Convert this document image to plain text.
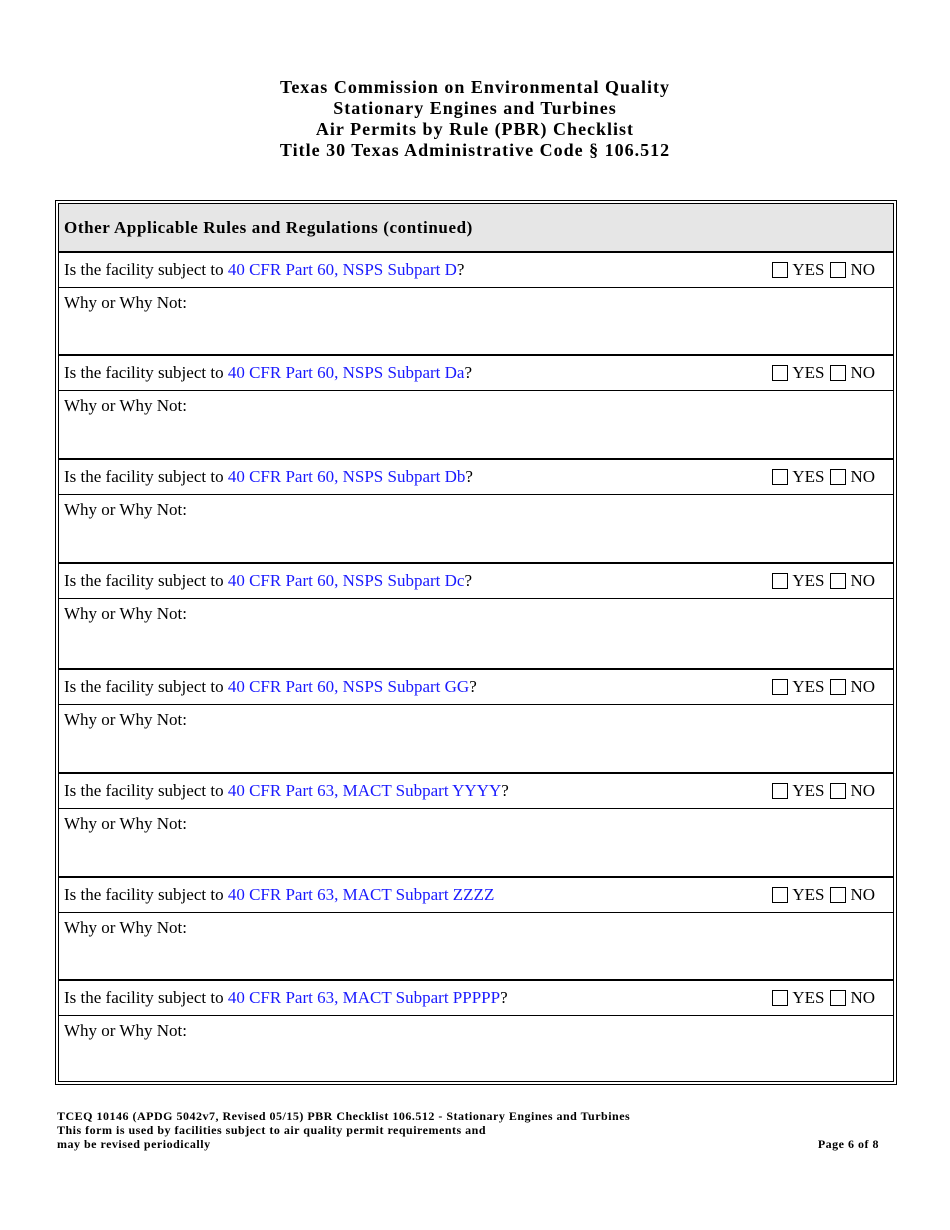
Texas Commission on Environmental Quality
Stationary Engines and Turbines
Air Permits by Rule (PBR) Checklist
Title 30 Texas Administrative Code § 106.512
Other Applicable Rules and Regulations (continued)
Is the facility subject to 40 CFR Part 60, NSPS Subpart D?	YES NO
Why or Why Not:
Is the facility subject to 40 CFR Part 60, NSPS Subpart Da?	YES NO
Why or Why Not:
Is the facility subject to 40 CFR Part 60, NSPS Subpart Db?	YES NO
Why or Why Not:
Is the facility subject to 40 CFR Part 60, NSPS Subpart Dc?	YES NO
Why or Why Not:
Is the facility subject to 40 CFR Part 60, NSPS Subpart GG?	YES NO
Why or Why Not:
Is the facility subject to 40 CFR Part 63, MACT Subpart YYYY?	YES NO
Why or Why Not:
Is the facility subject to 40 CFR Part 63, MACT Subpart ZZZZ	YES NO
Why or Why Not:
Is the facility subject to 40 CFR Part 63, MACT Subpart PPPPP?	YES NO
Why or Why Not:
TCEQ 10146 (APDG 5042v7, Revised 05/15) PBR Checklist 106.512 - Stationary Engines and Turbines
This form is used by facilities subject to air quality permit requirements and
may be revised periodically	Page 6 of 8
